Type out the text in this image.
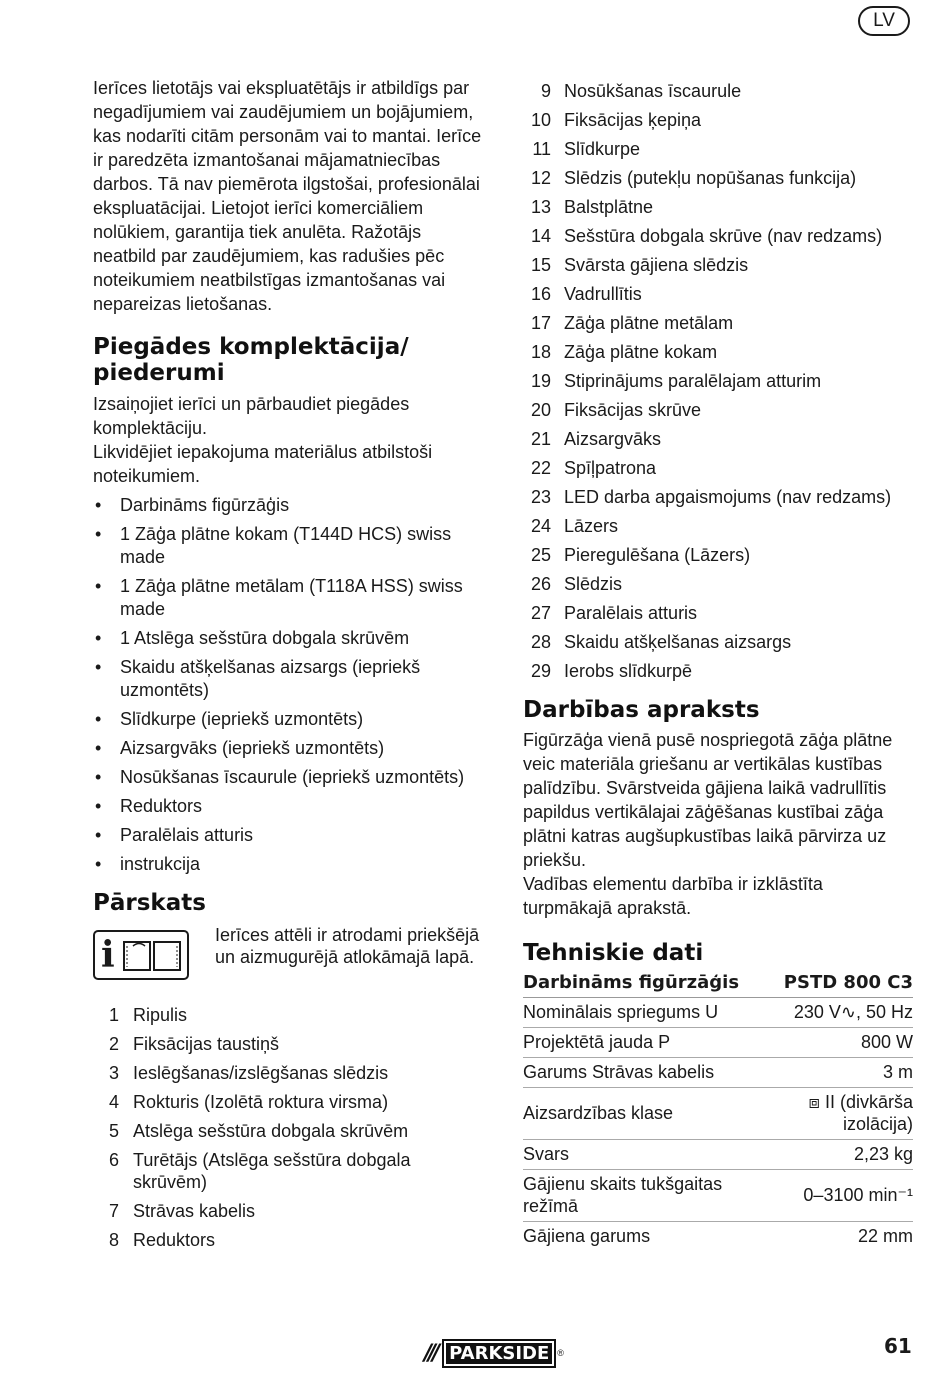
LV

Ierīces lietotājs vai ekspluatētājs ir atbildīgs par negadījumiem vai zaudējumiem un bojājumiem, kas nodarīti citām personām vai to mantai. Ierīce ir paredzēta izmantošanai mājamatniecības darbos. Tā nav piemērota ilgstošai, profesionālai ekspluatācijai. Lietojot ierīci komerciāliem nolūkiem, garantija tiek anulēta. Ražotājs neatbild par zaudējumiem, kas radušies pēc noteikumiem neatbilstīgas izmantošanas vai nepareizas lietošanas.

Piegādes komplektācija/ piederumi

Izsaiņojiet ierīci un pārbaudiet piegādes komplektāciju.

Likvidējiet iepakojuma materiālus atbilstoši noteikumiem.

• Darbināms figūrzāģis
• 1 Zāģa plātne kokam (T144D HCS) swiss made
• 1 Zāģa plātne metālam (T118A HSS) swiss made
• 1 Atslēga sešstūra dobgala skrūvēm
• Skaidu atšķelšanas aizsargs (iepriekš uzmontēts)
• Slīdkurpe (iepriekš uzmontēts)
• Aizsargvāks (iepriekš uzmontēts)
• Nosūkšanas īscaurule (iepriekš uzmontēts)
• Reduktors
• Paralēlais atturis
• instrukcija
Pārskats
i	Ierīces attēli ir atrodami priekšējā un aizmugurējā atlokāmajā lapā.

1 Ripulis
2 Fiksācijas taustiņš
3 Ieslēgšanas/izslēgšanas slēdzis
4 Rokturis (Izolētā roktura virsma)
5 Atslēga sešstūra dobgala skrūvēm
6 Turētājs (Atslēga sešstūra dobgala skrūvēm)
7 Strāvas kabelis
8 Reduktors
9 Nosūkšanas īscaurule
10 Fiksācijas ķepiņa
11 Slīdkurpe
12 Slēdzis (putekļu nopūšanas funkcija)
13 Balstplātne
14 Sešstūra dobgala skrūve (nav redzams)
15 Svārsta gājiena slēdzis
16 Vadrullītis
17 Zāģa plātne metālam
18 Zāģa plātne kokam
19 Stiprinājums paralēlajam atturim
20 Fiksācijas skrūve
21 Aizsargvāks
22 Spīļpatrona
23 LED darba apgaismojums (nav redzams)
24 Lāzers
25 Pieregulēšana (Lāzers)
26 Slēdzis
27 Paralēlais atturis
28 Skaidu atšķelšanas aizsargs
29 Ierobs slīdkurpē
Darbības apraksts

Figūrzāģa vienā pusē nospriegotā zāģa plātne veic materiāla griešanu ar vertikālas kustības palīdzību. Svārstveida gājiena laikā vadrullītis papildus vertikālajai zāģēšanas kustībai zāģa plātni katras augšupkustības laikā pārvirza uz priekšu.

Vadības elementu darbība ir izklāstīta turpmākajā aprakstā.

Tehniskie dati
Darbināms figūrzāģis	PSTD 800 C3
Nominālais spriegums U	230 V∿, 50 Hz
Projektētā jauda P	800 W
Garums Strāvas kabelis	3 m
Aizsardzības klase	⧈ II (divkārša izolācija)
Svars	2,23 kg
Gājienu skaits tukšgaitas režīmā	0–3100 min⁻¹
Gājiena garums	22 mm
/// PARKSIDE ®	61
